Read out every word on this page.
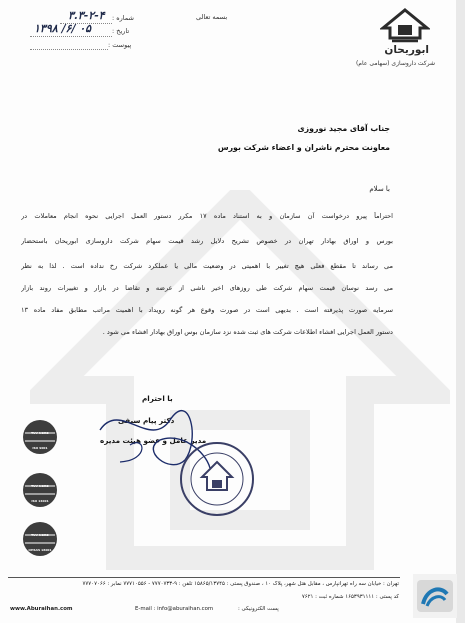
ابوریحان
شرکت داروسازی (سهامی عام)
بسمه تعالی
شماره :
۳.۳-۲-۴
تاریخ :
۱۳۹۸ /۶/ ۰۵
پیوست :
جناب آقای مجید نوروزی
معاونت محترم ناشران و اعضاء شرکت بورس
با سلام
احتراماً پیرو درخواست آن سازمان و به استناد ماده ۱۷ مکرر دستور العمل اجرایی نحوه انجام معاملات در
بورس و اوراق بهادار تهران در خصوص تشریح دلایل رشد قیمت سهام شرکت داروسازی ابوریحان باستحضار
می رساند تا مقطع فعلی هیچ تغییر با اهمیتی در وضعیت مالی یا عملکرد شرکت رخ نداده است . لذا به نظر
می رسد نوسان قیمت سهام شرکت طی روزهای اخیر ناشی از عرضه و تقاضا در بازار و تغییرات روند بازار
سرمایه صورت پذیرفته است . بدیهی است در صورت وقوع هر گونه رویداد با اهمیت مراتب مطابق مفاد ماده ۱۳
دستور العمل اجرایی افشاء اطلاعات شرکت های ثبت شده نزد سازمان بوس اوراق بهادار افشاء می شود .
با احترام
دکتر پیام سیفی
مدیر عامل و عضو هیئت مدیره
TUV NORD
ISO 9001
TUV NORD
ISO 14001
TUV NORD
OHSAS 18001
تهران : خیابان سه راه تهرانپارس ، مقابل هتل شهر، پلاک ۱۰ ، صندوق پستی : ۱۵۸۶۵/۱۳۷۴۵ تلفن : ۹-۷۷۷۰۷۳۳ - ۷۷۷۱۰۵۵۶ نمابر : ۷۷۷۰۷۰۶۶
کد پستی : ۱۶۵۳۹۳۱۱۱۱ شماره ثبت : ۷۶۲۱
www.Aburaihan.com	E-mail : info@aburaihan.com	پست الکترونیکی :
